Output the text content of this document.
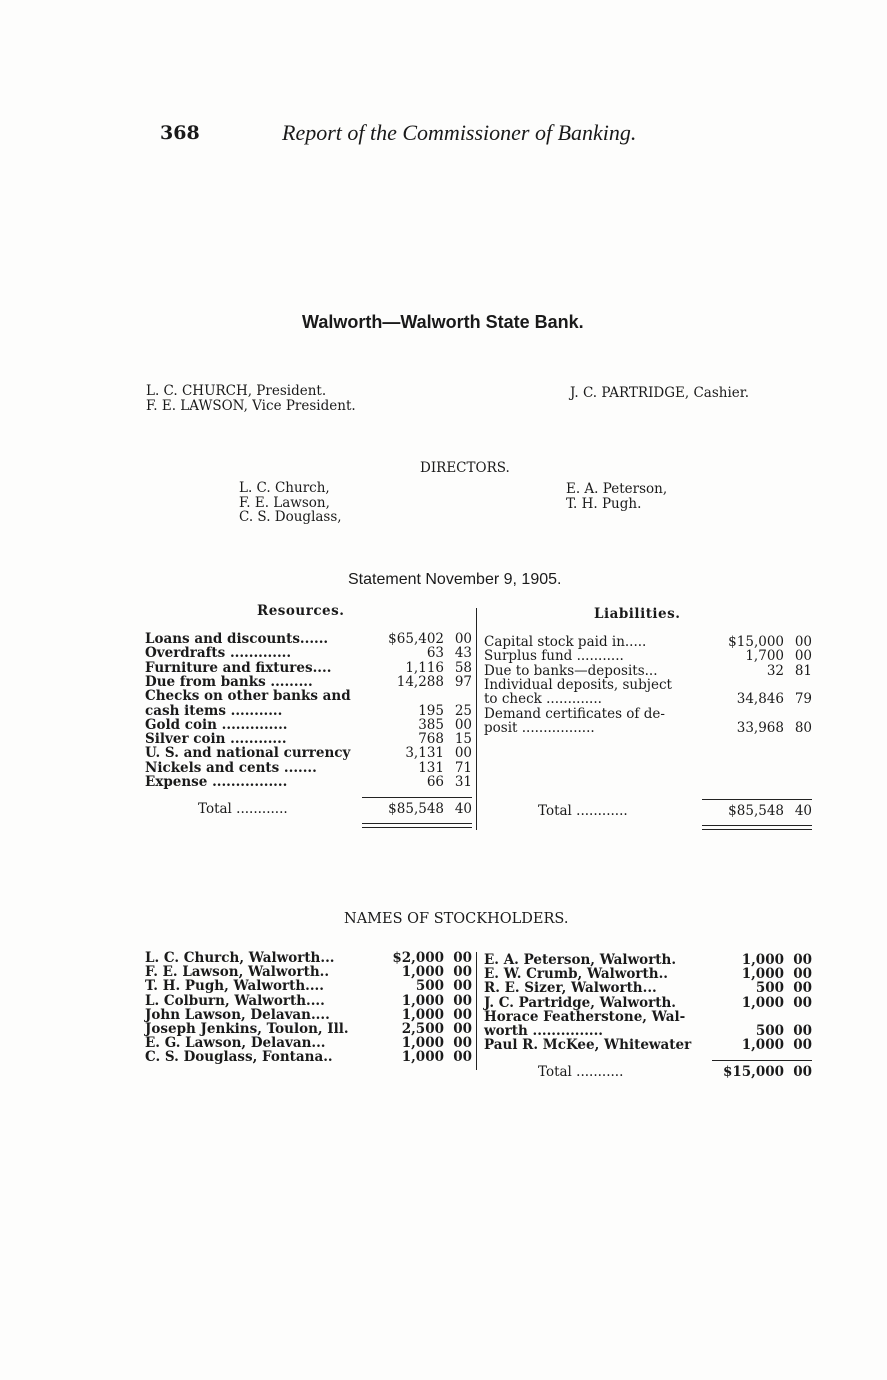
368	Report of the Commissioner of Banking.
Walworth—Walworth State Bank.
L. C. CHURCH, President.
F. E. LAWSON, Vice President.
J. C. PARTRIDGE, Cashier.
DIRECTORS.
L. C. Church,
F. E. Lawson,
C. S. Douglass,
E. A. Peterson,
T. H. Pugh.
Statement November 9, 1905.
Resources.	Liabilities.
Loans and discounts......	$65,402 00
Overdrafts .............	63 43
Furniture and fixtures....	1,116 58
Due from banks .........	14,288 97
Checks on other banks and
cash items ...........	195 25
Gold coin ..............	385 00
Silver coin ............	768 15
U. S. and national currency	3,131 00
Nickels and cents .......	131 71
Expense ................	66 31
Capital stock paid in.....	$15,000 00
Surplus fund ...........	1,700 00
Due to banks—deposits...	32 81
Individual deposits, subject
to check .............	34,846 79
Demand certificates of de-
posit .................	33,968 80
Total ............	$85,548 40	Total ............	$85,548 40
NAMES OF STOCKHOLDERS.
L. C. Church, Walworth...	$2,000 00
F. E. Lawson, Walworth..	1,000 00
T. H. Pugh, Walworth....	500 00
L. Colburn, Walworth....	1,000 00
John Lawson, Delavan....	1,000 00
Joseph Jenkins, Toulon, Ill.	2,500 00
E. G. Lawson, Delavan...	1,000 00
C. S. Douglass, Fontana..	1,000 00
E. A. Peterson, Walworth.	1,000 00
E. W. Crumb, Walworth..	1,000 00
R. E. Sizer, Walworth...	500 00
J. C. Partridge, Walworth.	1,000 00
Horace Featherstone, Wal-
worth ...............	500 00
Paul R. McKee, Whitewater	1,000 00
Total ...........	$15,000 00
